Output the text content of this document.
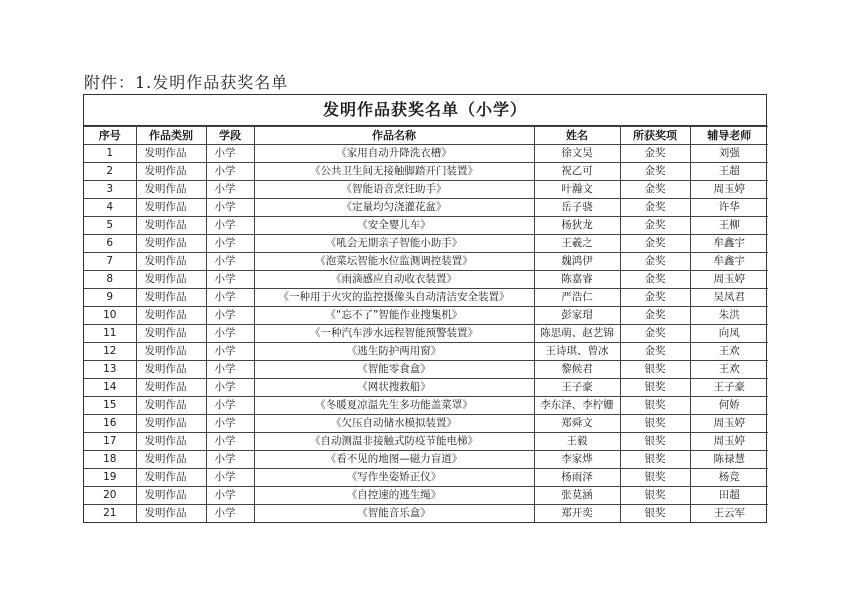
附件：1.发明作品获奖名单
发明作品获奖名单（小学）
序号	作品类别	学段	作品名称	姓名	所获奖项	辅导老师
1	发明作品	小学	《家用自动升降洗衣槽》	徐文昊	金奖	刘强
2	发明作品	小学	《公共卫生间无接触脚踏开门装置》	祝乙可	金奖	王超
3	发明作品	小学	《智能语音烹饪助手》	叶瀚文	金奖	周玉婷
4	发明作品	小学	《定量均匀浇灌花盆》	岳子骁	金奖	许华
5	发明作品	小学	《安全婴儿车》	杨狄龙	金奖	王柳
6	发明作品	小学	《吼会无期亲子智能小助手》	王羲之	金奖	牟鑫宇
7	发明作品	小学	《泡菜坛智能水位监测调控装置》	魏鸿伊	金奖	牟鑫宇
8	发明作品	小学	《雨滴感应自动收衣装置》	陈嘉睿	金奖	周玉婷
9	发明作品	小学	《一种用于火灾的监控摄像头自动清洁安全装置》	严浩仁	金奖	吴凤君
10	发明作品	小学	《“忘不了”智能作业搜集机》	彭家瑁	金奖	朱洪
11	发明作品	小学	《一种汽车涉水远程智能预警装置》	陈思萌、赵艺锦	金奖	向凤
12	发明作品	小学	《逃生防护两用窗》	王诗琪、曾冰	金奖	王欢
13	发明作品	小学	《智能零食盒》	黎候君	银奖	王欢
14	发明作品	小学	《网状搜救船》	王子豪	银奖	王子豪
15	发明作品	小学	《冬暖夏凉温先生多功能盖菜罩》	李东泽、李柠姗	银奖	何娇
16	发明作品	小学	《欠压自动储水模拟装置》	郑舜文	银奖	周玉婷
17	发明作品	小学	《自动测温非接触式防疫节能电梯》	王毅	银奖	周玉婷
18	发明作品	小学	《看不见的地图—磁力盲道》	李家烨	银奖	陈禄慧
19	发明作品	小学	《写作坐姿矫正仪》	杨雨泽	银奖	杨竞
20	发明作品	小学	《自控速的逃生绳》	张莫涵	银奖	田超
21	发明作品	小学	《智能音乐盒》	郑开奕	银奖	王云军
